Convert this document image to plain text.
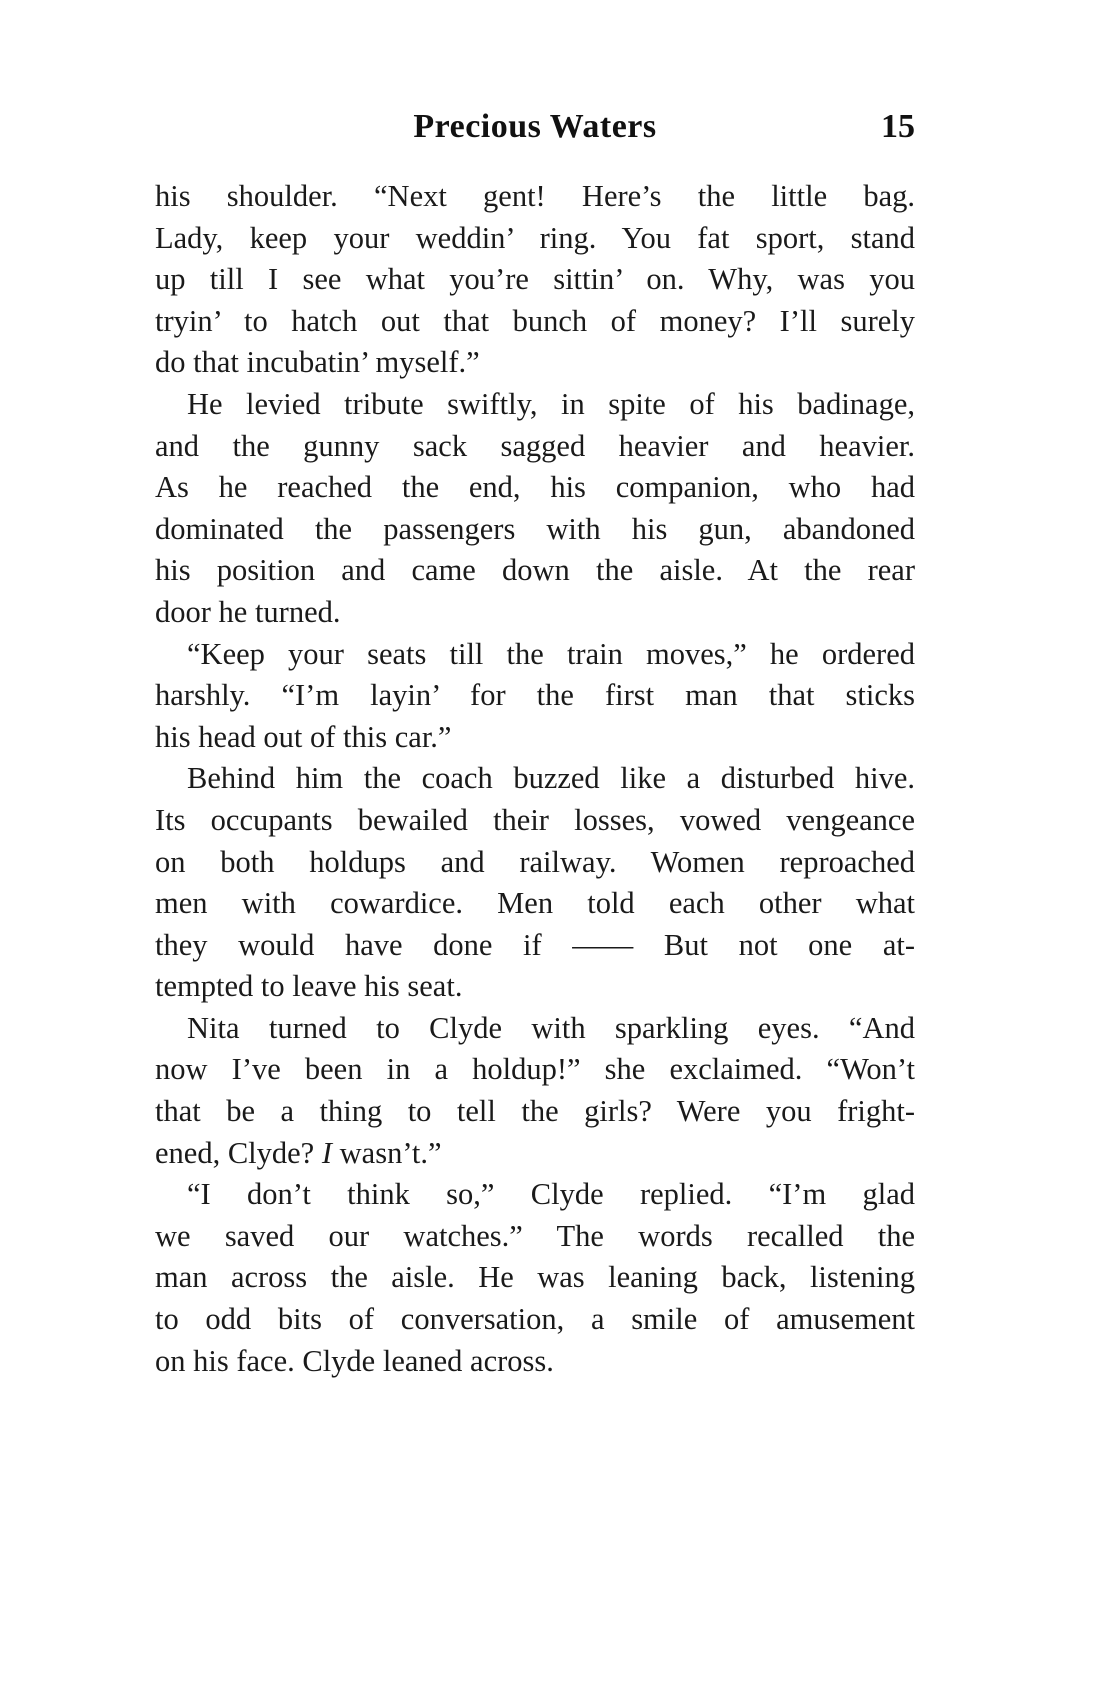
Precious Waters	15
his shoulder. “Next gent! Here’s the little bag.
Lady, keep your weddin’ ring. You fat sport, stand
up till I see what you’re sittin’ on. Why, was you
tryin’ to hatch out that bunch of money? I’ll surely
do that incubatin’ myself.”
He levied tribute swiftly, in spite of his badinage,
and the gunny sack sagged heavier and heavier.
As he reached the end, his companion, who had
dominated the passengers with his gun, abandoned
his position and came down the aisle. At the rear
door he turned.
“Keep your seats till the train moves,” he ordered
harshly. “I’m layin’ for the first man that sticks
his head out of this car.”
Behind him the coach buzzed like a disturbed hive.
Its occupants bewailed their losses, vowed vengeance
on both holdups and railway. Women reproached
men with cowardice. Men told each other what
they would have done if —— But not one at-
tempted to leave his seat.
Nita turned to Clyde with sparkling eyes. “And
now I’ve been in a holdup!” she exclaimed. “Won’t
that be a thing to tell the girls? Were you fright-
ened, Clyde? I wasn’t.”
“I don’t think so,” Clyde replied. “I’m glad
we saved our watches.” The words recalled the
man across the aisle. He was leaning back, listening
to odd bits of conversation, a smile of amusement
on his face. Clyde leaned across.
